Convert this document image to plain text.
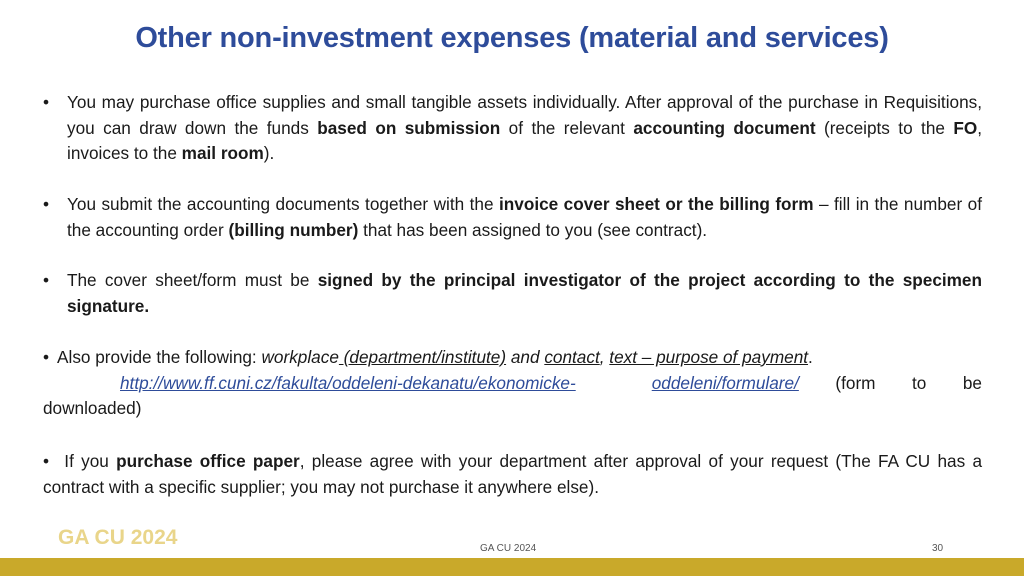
Other non-investment expenses (material and services)
• You may purchase office supplies and small tangible assets individually. After approval of the purchase in Requisitions, you can draw down the funds based on submission of the relevant accounting document (receipts to the FO, invoices to the mail room).
• You submit the accounting documents together with the invoice cover sheet or the billing form – fill in the number of the accounting order (billing number) that has been assigned to you (see contract).
• The cover sheet/form must be signed by the principal investigator of the project according to the specimen signature.
• Also provide the following: workplace (department/institute) and contact, text – purpose of payment.
http://www.ff.cuni.cz/fakulta/oddeleni-dekanatu/ekonomicke-	oddeleni/formulare/ (form to be downloaded)
• If you purchase office paper, please agree with your department after approval of your request (The FA CU has a contract with a specific supplier; you may not purchase it anywhere else).
GA CU 2024	GA CU 2024	30
